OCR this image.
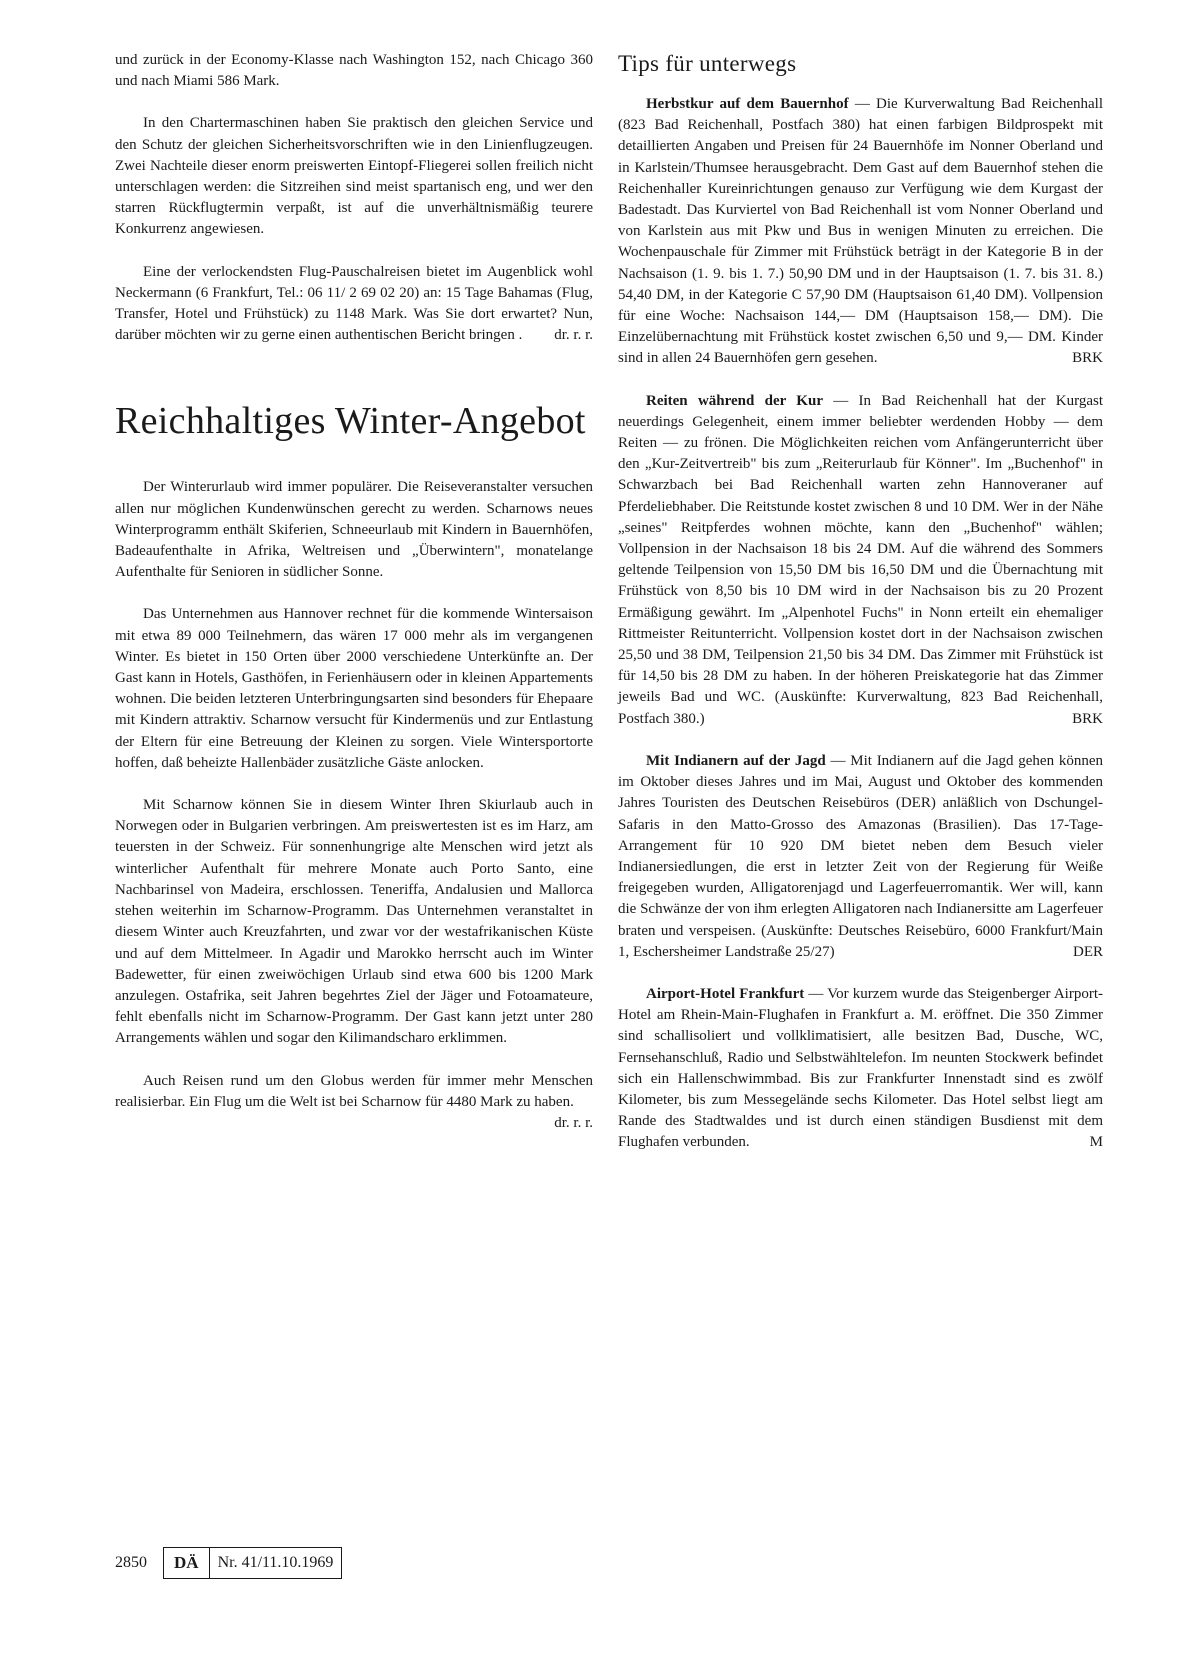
und zurück in der Economy-Klasse nach Washington 152, nach Chicago 360 und nach Miami 586 Mark.

In den Chartermaschinen haben Sie praktisch den gleichen Service und den Schutz der gleichen Sicherheitsvorschriften wie in den Linienflugzeugen. Zwei Nachteile dieser enorm preiswerten Eintopf-Fliegerei sollen freilich nicht unterschlagen werden: die Sitzreihen sind meist spartanisch eng, und wer den starren Rückflugtermin verpaßt, ist auf die unverhältnismäßig teurere Konkurrenz angewiesen.

Eine der verlockendsten Flug-Pauschalreisen bietet im Augenblick wohl Neckermann (6 Frankfurt, Tel.: 06 11/ 2 69 02 20) an: 15 Tage Bahamas (Flug, Transfer, Hotel und Frühstück) zu 1148 Mark. Was Sie dort erwartet? Nun, darüber möchten wir zu gerne einen authentischen Bericht bringen .	dr. r. r.

Reichhaltiges Winter-Angebot

Der Winterurlaub wird immer populärer. Die Reiseveranstalter versuchen allen nur möglichen Kundenwünschen gerecht zu werden. Scharnows neues Winterprogramm enthält Skiferien, Schneeurlaub mit Kindern in Bauernhöfen, Badeaufenthalte in Afrika, Weltreisen und „Überwintern", monatelange Aufenthalte für Senioren in südlicher Sonne.

Das Unternehmen aus Hannover rechnet für die kommende Wintersaison mit etwa 89 000 Teilnehmern, das wären 17 000 mehr als im vergangenen Winter. Es bietet in 150 Orten über 2000 verschiedene Unterkünfte an. Der Gast kann in Hotels, Gasthöfen, in Ferienhäusern oder in kleinen Appartements wohnen. Die beiden letzteren Unterbringungsarten sind besonders für Ehepaare mit Kindern attraktiv. Scharnow versucht für Kindermenüs und zur Entlastung der Eltern für eine Betreuung der Kleinen zu sorgen. Viele Wintersportorte hoffen, daß beheizte Hallenbäder zusätzliche Gäste anlocken.

Mit Scharnow können Sie in diesem Winter Ihren Skiurlaub auch in Norwegen oder in Bulgarien verbringen. Am preiswertesten ist es im Harz, am teuersten in der Schweiz. Für sonnenhungrige alte Menschen wird jetzt als winterlicher Aufenthalt für mehrere Monate auch Porto Santo, eine Nachbarinsel von Madeira, erschlossen. Teneriffa, Andalusien und Mallorca stehen weiterhin im Scharnow-Programm. Das Unternehmen veranstaltet in diesem Winter auch Kreuzfahrten, und zwar vor der westafrikanischen Küste und auf dem Mittelmeer. In Agadir und Marokko herrscht auch im Winter Badewetter, für einen zweiwöchigen Urlaub sind etwa 600 bis 1200 Mark anzulegen. Ostafrika, seit Jahren begehrtes Ziel der Jäger und Fotoamateure, fehlt ebenfalls nicht im Scharnow-Programm. Der Gast kann jetzt unter 280 Arrangements wählen und sogar den Kilimandscharo erklimmen.

Auch Reisen rund um den Globus werden für immer mehr Menschen realisierbar. Ein Flug um die Welt ist bei Scharnow für 4480 Mark zu haben.
dr. r. r.

Tips für unterwegs

Herbstkur auf dem Bauernhof — Die Kurverwaltung Bad Reichenhall (823 Bad Reichenhall, Postfach 380) hat einen farbigen Bildprospekt mit detaillierten Angaben und Preisen für 24 Bauernhöfe im Nonner Oberland und in Karlstein/Thumsee herausgebracht. Dem Gast auf dem Bauernhof stehen die Reichenhaller Kureinrichtungen genauso zur Verfügung wie dem Kurgast der Badestadt. Das Kurviertel von Bad Reichenhall ist vom Nonner Oberland und von Karlstein aus mit Pkw und Bus in wenigen Minuten zu erreichen. Die Wochenpauschale für Zimmer mit Frühstück beträgt in der Kategorie B in der Nachsaison (1. 9. bis 1. 7.) 50,90 DM und in der Hauptsaison (1. 7. bis 31. 8.) 54,40 DM, in der Kategorie C 57,90 DM (Hauptsaison 61,40 DM). Vollpension für eine Woche: Nachsaison 144,— DM (Hauptsaison 158,— DM). Die Einzelübernachtung mit Frühstück kostet zwischen 6,50 und 9,— DM. Kinder sind in allen 24 Bauernhöfen gern gesehen.	BRK

Reiten während der Kur — In Bad Reichenhall hat der Kurgast neuerdings Gelegenheit, einem immer beliebter werdenden Hobby — dem Reiten — zu frönen. Die Möglichkeiten reichen vom Anfängerunterricht über den „Kur-Zeitvertreib" bis zum „Reiterurlaub für Könner". Im „Buchenhof" in Schwarzbach bei Bad Reichenhall warten zehn Hannoveraner auf Pferdeliebhaber. Die Reitstunde kostet zwischen 8 und 10 DM. Wer in der Nähe „seines" Reitpferdes wohnen möchte, kann den „Buchenhof" wählen; Vollpension in der Nachsaison 18 bis 24 DM. Auf die während des Sommers geltende Teilpension von 15,50 DM bis 16,50 DM und die Übernachtung mit Frühstück von 8,50 bis 10 DM wird in der Nachsaison bis zu 20 Prozent Ermäßigung gewährt. Im „Alpenhotel Fuchs" in Nonn erteilt ein ehemaliger Rittmeister Reitunterricht. Vollpension kostet dort in der Nachsaison zwischen 25,50 und 38 DM, Teilpension 21,50 bis 34 DM. Das Zimmer mit Frühstück ist für 14,50 bis 28 DM zu haben. In der höheren Preiskategorie hat das Zimmer jeweils Bad und WC. (Auskünfte: Kurverwaltung, 823 Bad Reichenhall, Postfach 380.)	BRK

Mit Indianern auf der Jagd — Mit Indianern auf die Jagd gehen können im Oktober dieses Jahres und im Mai, August und Oktober des kommenden Jahres Touristen des Deutschen Reisebüros (DER) anläßlich von Dschungel-Safaris in den Matto-Grosso des Amazonas (Brasilien). Das 17-Tage-Arrangement für 10 920 DM bietet neben dem Besuch vieler Indianersiedlungen, die erst in letzter Zeit von der Regierung für Weiße freigegeben wurden, Alligatorenjagd und Lagerfeuerromantik. Wer will, kann die Schwänze der von ihm erlegten Alligatoren nach Indianersitte am Lagerfeuer braten und verspeisen. (Auskünfte: Deutsches Reisebüro, 6000 Frankfurt/Main 1, Eschersheimer Landstraße 25/27)	DER

Airport-Hotel Frankfurt — Vor kurzem wurde das Steigenberger Airport-Hotel am Rhein-Main-Flughafen in Frankfurt a. M. eröffnet. Die 350 Zimmer sind schallisoliert und vollklimatisiert, alle besitzen Bad, Dusche, WC, Fernsehanschluß, Radio und Selbstwähltelefon. Im neunten Stockwerk befindet sich ein Hallenschwimmbad. Bis zur Frankfurter Innenstadt sind es zwölf Kilometer, bis zum Messegelände sechs Kilometer. Das Hotel selbst liegt am Rande des Stadtwaldes und ist durch einen ständigen Busdienst mit dem Flughafen verbunden.	M

2850	DÄ	Nr. 41/11.10.1969
